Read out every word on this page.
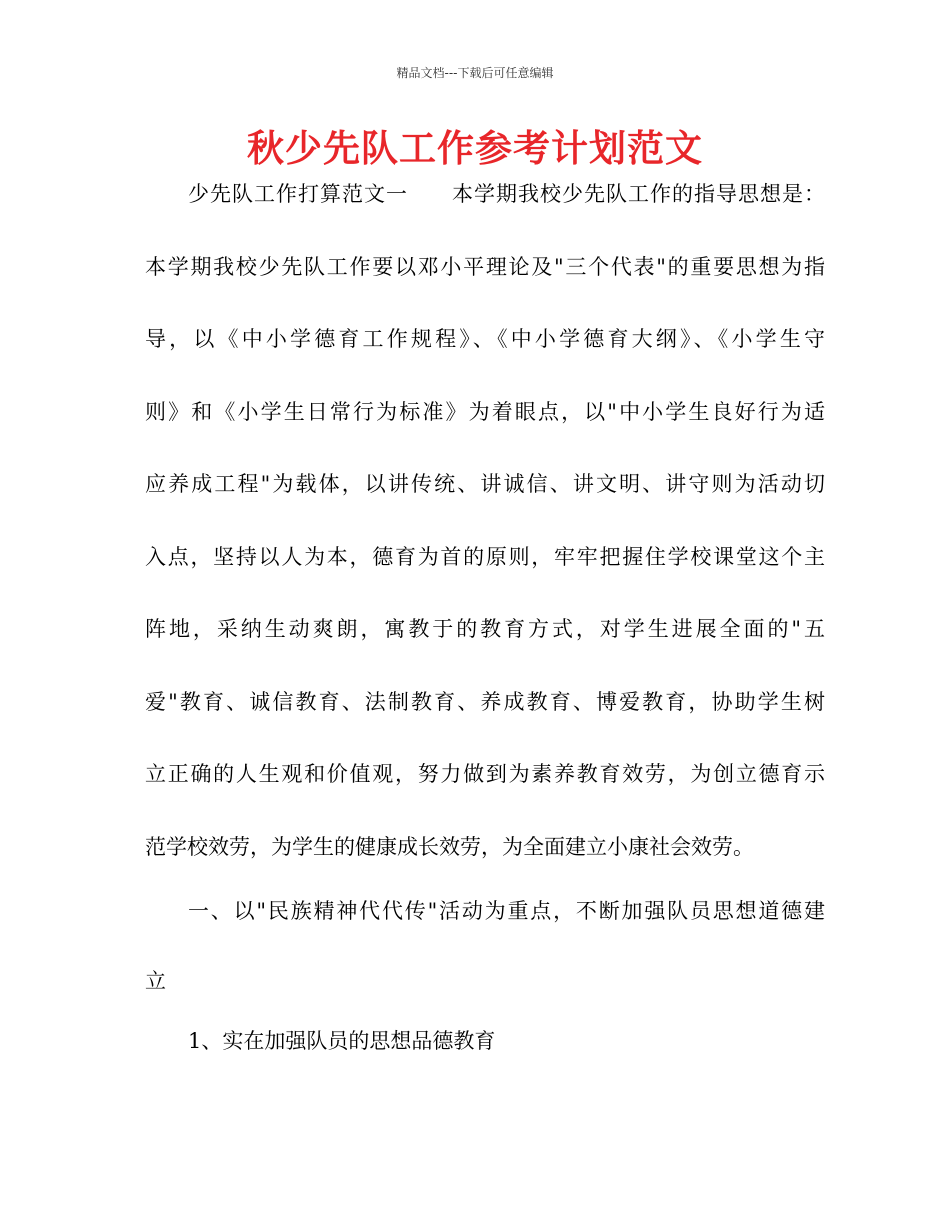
精品文档---下载后可任意编辑
秋少先队工作参考计划范文
少先队工作打算范文一　　本学期我校少先队工作的指导思想是：
本学期我校少先队工作要以邓小平理论及"三个代表"的重要思想为指
导，以《中小学德育工作规程》、《中小学德育大纲》、《小学生守
则》和《小学生日常行为标准》为着眼点，以"中小学生良好行为适
应养成工程"为载体，以讲传统、讲诚信、讲文明、讲守则为活动切
入点，坚持以人为本，德育为首的原则，牢牢把握住学校课堂这个主
阵地，采纳生动爽朗，寓教于的教育方式，对学生进展全面的"五
爱"教育、诚信教育、法制教育、养成教育、博爱教育，协助学生树
立正确的人生观和价值观，努力做到为素养教育效劳，为创立德育示
范学校效劳，为学生的健康成长效劳，为全面建立小康社会效劳。
一、以"民族精神代代传"活动为重点，不断加强队员思想道德建
立
1、实在加强队员的思想品德教育
